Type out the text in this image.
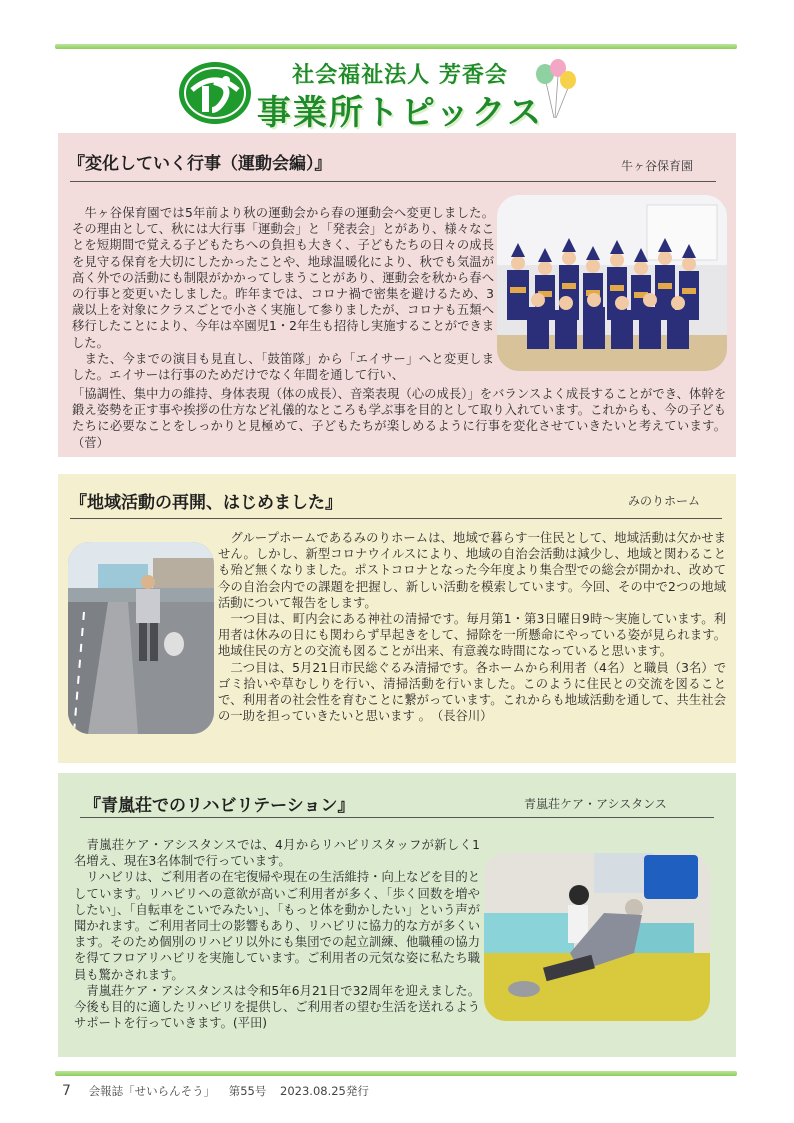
社会福祉法人 芳香会
事業所トピックス
『変化していく行事（運動会編）』	牛ヶ谷保育園

　牛ヶ谷保育園では5年前より秋の運動会から春の運動会へ変更しました。その理由として、秋には大行事「運動会」と「発表会」とがあり、様々なことを短期間で覚える子どもたちへの負担も大きく、子どもたちの日々の成長を見守る保育を大切にしたかったことや、地球温暖化により、秋でも気温が高く外での活動にも制限がかかってしまうことがあり、運動会を秋から春への行事と変更いたしました。昨年までは、コロナ禍で密集を避けるため、3歳以上を対象にクラスごとで小さく実施して参りましたが、コロナも五類へ移行したことにより、今年は卒園児1・2年生も招待し実施することができました。

　また、今までの演目も見直し、「鼓笛隊」から「エイサー」へと変更しました。エイサーは行事のためだけでなく年間を通して行い、

「協調性、集中力の維持、身体表現（体の成長）、音楽表現（心の成長）」をバランスよく成長することができ、体幹を鍛え姿勢を正す事や挨拶の仕方など礼儀的なところも学ぶ事を目的として取り入れています。これからも、今の子どもたちに必要なことをしっかりと見極めて、子どもたちが楽しめるように行事を変化させていきたいと考えています。（菅）

『地域活動の再開、はじめました』	みのりホーム

　グループホームであるみのりホームは、地域で暮らす一住民として、地域活動は欠かせません。しかし、新型コロナウイルスにより、地域の自治会活動は減少し、地域と関わることも殆ど無くなりました。ポストコロナとなった今年度より集合型での総会が開かれ、改めて今の自治会内での課題を把握し、新しい活動を模索しています。今回、その中で2つの地域活動について報告をします。

　一つ目は、町内会にある神社の清掃です。毎月第1・第3日曜日9時〜実施しています。利用者は休みの日にも関わらず早起きをして、掃除を一所懸命にやっている姿が見られます。地域住民の方との交流も図ることが出来、有意義な時間になっていると思います。

　二つ目は、5月21日市民総ぐるみ清掃です。各ホームから利用者（4名）と職員（3名）でゴミ拾いや草むしりを行い、清掃活動を行いました。このように住民との交流を図ることで、利用者の社会性を育むことに繋がっています。これからも地域活動を通して、共生社会の一助を担っていきたいと思います 。　（長谷川）

『青嵐荘でのリハビリテーション』	青嵐荘ケア・アシスタンス

　青嵐荘ケア・アシスタンスでは、4月からリハビリスタッフが新しく1名増え、現在3名体制で行っています。

　リハビリは、ご利用者の在宅復帰や現在の生活維持・向上などを目的としています。リハビリへの意欲が高いご利用者が多く、「歩く回数を増やしたい」、「自転車をこいでみたい」、「もっと体を動かしたい」という声が聞かれます。ご利用者同士の影響もあり、リハビリに協力的な方が多くいます。そのため個別のリハビリ以外にも集団での起立訓練、他職種の協力を得てフロアリハビリを実施しています。ご利用者の元気な姿に私たち職員も驚かされます。

　青嵐荘ケア・アシスタンスは令和5年6月21日で32周年を迎えました。今後も目的に適したリハビリを提供し、ご利用者の望む生活を送れるようサポートを行っていきます。(平田)

7 会報誌「せいらんそう」 第55号 2023.08.25発行
